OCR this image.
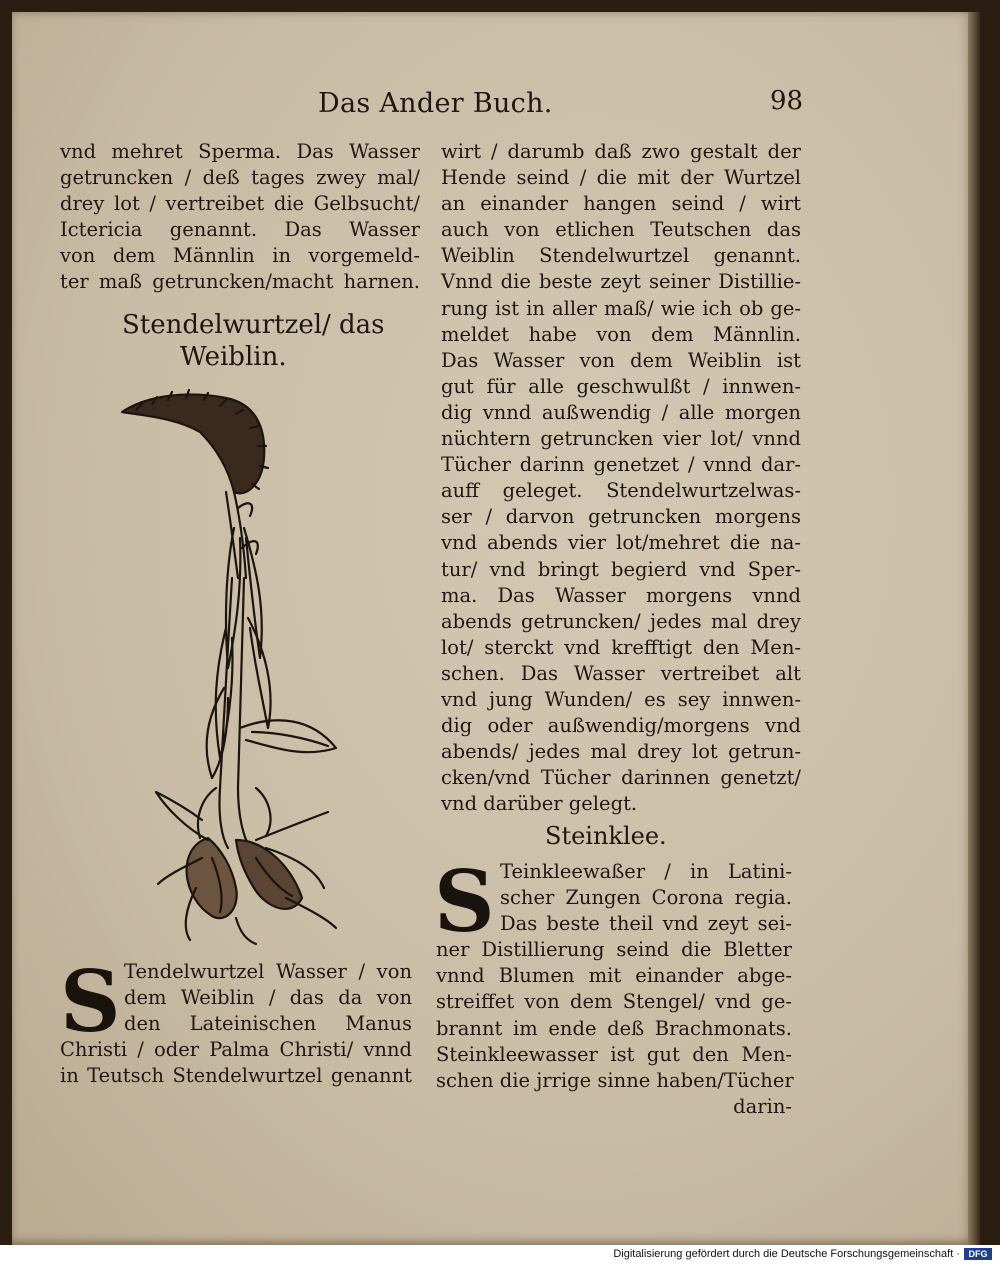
Das Ander Buch.	98
vnd mehret Sperma. Das Wasser
getruncken / deß tages zwey mal/
drey lot / vertreibet die Gelbsucht/
Ictericia genannt. Das Wasser
von dem Männlin in vorgemeld-
ter maß getruncken/macht harnen.
Stendelwurtzel/ das
Weiblin.
S Tendelwurtzel Wasser / von
dem Weiblin / das da von
den Lateinischen Manus
Christi / oder Palma Christi/ vnnd
in Teutsch Stendelwurtzel genannt
wirt / darumb daß zwo gestalt der
Hende seind / die mit der Wurtzel
an einander hangen seind / wirt
auch von etlichen Teutschen das
Weiblin Stendelwurtzel genannt.
Vnnd die beste zeyt seiner Distillie-
rung ist in aller maß/ wie ich ob ge-
meldet habe von dem Männlin.
Das Wasser von dem Weiblin ist
gut für alle geschwulßt / innwen-
dig vnnd außwendig / alle morgen
nüchtern getruncken vier lot/ vnnd
Tücher darinn genetzet / vnnd dar-
auff geleget. Stendelwurtzelwas-
ser / darvon getruncken morgens
vnd abends vier lot/mehret die na-
tur/ vnd bringt begierd vnd Sper-
ma. Das Wasser morgens vnnd
abends getruncken/ jedes mal drey
lot/ sterckt vnd krefftigt den Men-
schen. Das Wasser vertreibet alt
vnd jung Wunden/ es sey innwen-
dig oder außwendig/morgens vnd
abends/ jedes mal drey lot getrun-
cken/vnd Tücher darinnen genetzt/
vnd darüber gelegt.
Steinklee.
S Teinkleewaßer / in Latini-
scher Zungen Corona regia.
Das beste theil vnd zeyt sei-
ner Distillierung seind die Bletter
vnnd Blumen mit einander abge-
streiffet von dem Stengel/ vnd ge-
brannt im ende deß Brachmonats.
Steinkleewasser ist gut den Men-
schen die jrrige sinne haben/Tücher
darin-
Digitalisierung gefördert durch die Deutsche Forschungsgemeinschaft · DFG
